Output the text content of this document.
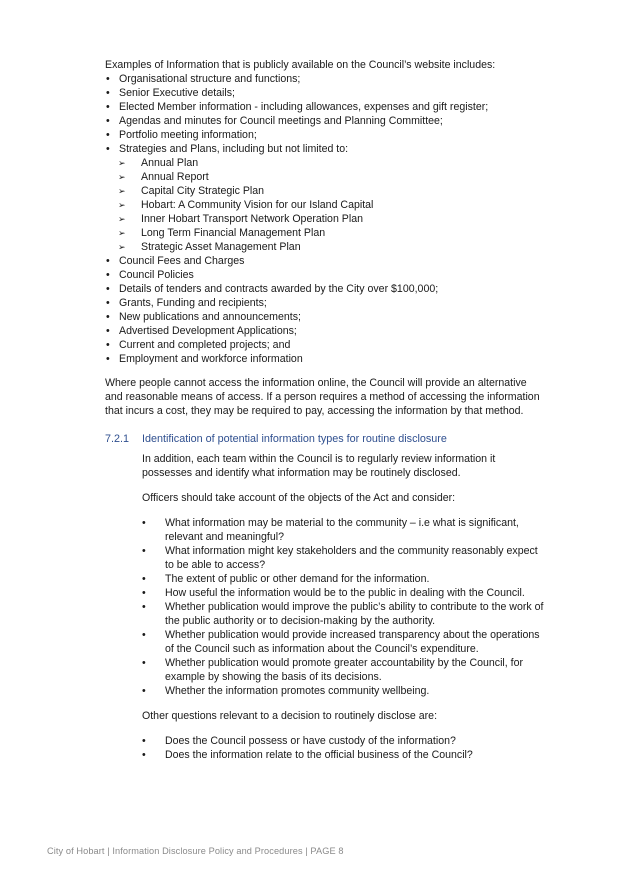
Examples of Information that is publicly available on the Council’s website includes:

• Organisational structure and functions;
• Senior Executive details;
• Elected Member information - including allowances, expenses and gift register;
• Agendas and minutes for Council meetings and Planning Committee;
• Portfolio meeting information;
• Strategies and Plans, including but not limited to:
➢ Annual Plan
➢ Annual Report
➢ Capital City Strategic Plan
➢ Hobart: A Community Vision for our Island Capital
➢ Inner Hobart Transport Network Operation Plan
➢ Long Term Financial Management Plan
➢ Strategic Asset Management Plan
• Council Fees and Charges
• Council Policies
• Details of tenders and contracts awarded by the City over $100,000;
• Grants, Funding and recipients;
• New publications and announcements;
• Advertised Development Applications;
• Current and completed projects; and
• Employment and workforce information

Where people cannot access the information online, the Council will provide an alternative and reasonable means of access. If a person requires a method of accessing the information that incurs a cost, they may be required to pay, accessing the information by that method.

7.2.1 Identification of potential information types for routine disclosure

In addition, each team within the Council is to regularly review information it possesses and identify what information may be routinely disclosed.

Officers should take account of the objects of the Act and consider:

• What information may be material to the community – i.e what is significant, relevant and meaningful?
• What information might key stakeholders and the community reasonably expect to be able to access?
• The extent of public or other demand for the information.
• How useful the information would be to the public in dealing with the Council.
• Whether publication would improve the public’s ability to contribute to the work of the public authority or to decision-making by the authority.
• Whether publication would provide increased transparency about the operations of the Council such as information about the Council’s expenditure.
• Whether publication would promote greater accountability by the Council, for example by showing the basis of its decisions.
• Whether the information promotes community wellbeing.

Other questions relevant to a decision to routinely disclose are:

• Does the Council possess or have custody of the information?
• Does the information relate to the official business of the Council?
City of Hobart | Information Disclosure Policy and Procedures | PAGE 8
